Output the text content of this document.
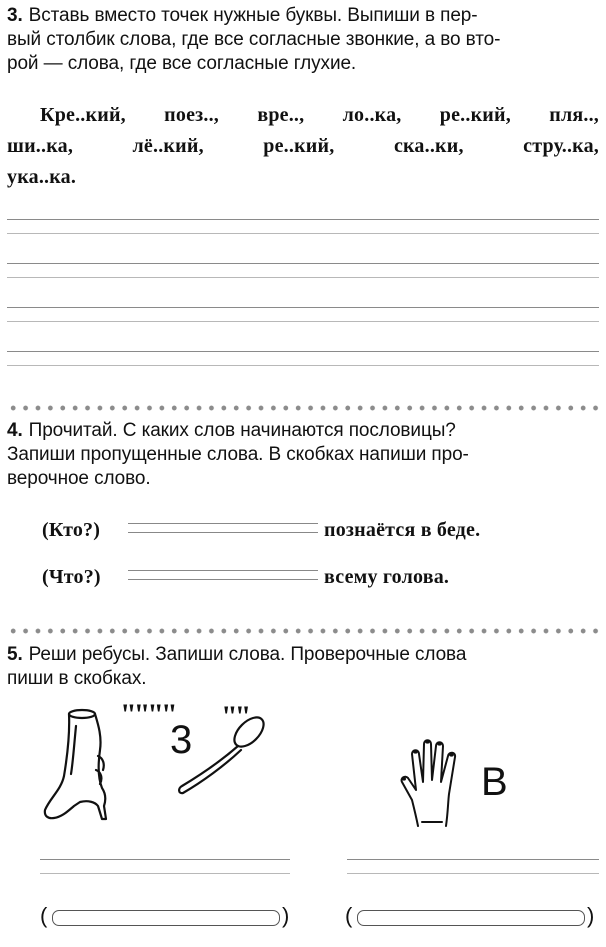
3. Вставь вместо точек нужные буквы. Выпиши в пер-
вый столбик слова, где все согласные звонкие, а во вто-
рой — слова, где все согласные глухие.
Кре..кий, поез.., вре.., ло..ка, ре..кий, пля..,
ши..ка,	лё..кий,	ре..кий,	ска..ки,	стру..ка,
ука..ка.
4. Прочитай. С каких слов начинаются пословицы?
Запиши пропущенные слова. В скобках напиши про-
верочное слово.
(Кто?)	познаётся в беде.
(Что?)	всему голова.
5. Реши ребусы. Запиши слова. Проверочные слова
пиши в скобках.
""""
3
""
В
(	)	(	)
